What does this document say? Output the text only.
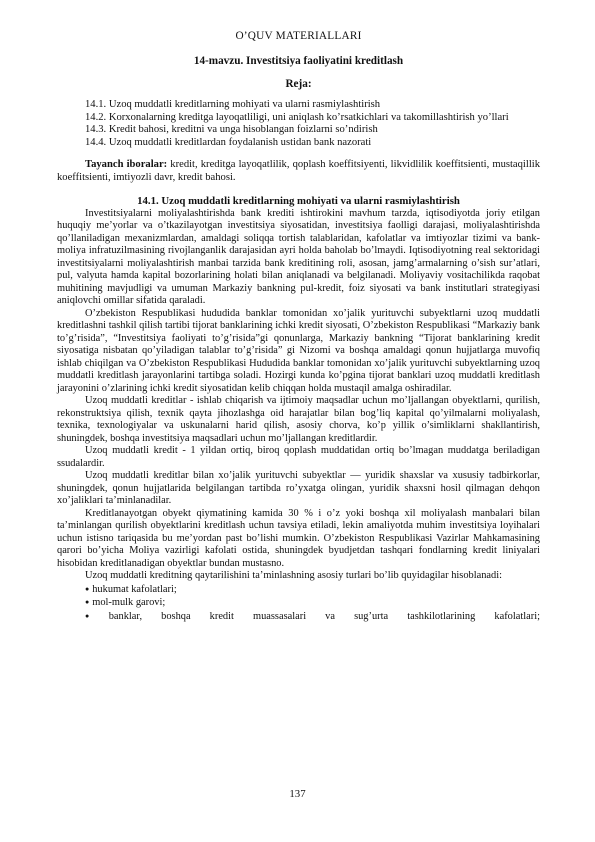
O’QUV MATERIALLARI
14-mavzu. Investitsiya faoliyatini kreditlash
Reja:

14.1. Uzoq muddatli kreditlarning mohiyati va ularni rasmiylashtirish

14.2. Korxonalarning kreditga layoqatliligi, uni aniqlash ko’rsatkichlari va takomillashtirish yo’llari

14.3. Kredit bahosi, kreditni va unga hisoblangan foizlarni so’ndirish

14.4. Uzoq muddatli kreditlardan foydalanish ustidan bank nazorati

Tayanch iboralar: kredit, kreditga layoqatlilik, qoplash koeffitsiyenti, likvidlilik koeffitsienti, mustaqillik koeffitsienti, imtiyozli davr, kredit bahosi.
14.1. Uzoq muddatli kreditlarning mohiyati va ularni rasmiylashtirish

Investitsiyalarni moliyalashtirishda bank krediti ishtirokini mavhum tarzda, iqtisodiyotda joriy etilgan huquqiy me’yorlar va o’tkazilayotgan investitsiya siyosatidan, investitsiya faolligi darajasi, moliyalashtirishda qo’llaniladigan mexanizmlardan, amaldagi soliqqa tortish talablaridan, kafolatlar va imtiyozlar tizimi va bank-moliya infratuzilmasining rivojlanganlik darajasidan ayri holda baholab bo’lmaydi. Iqtisodiyotning real sektoridagi investitsiyalarni moliyalashtirish manbai tarzida bank kreditining roli, asosan, jamg’armalarning o’sish sur’atlari, pul, valyuta hamda kapital bozorlarining holati bilan aniqlanadi va belgilanadi. Moliyaviy vositachilikda raqobat muhitining mavjudligi va umuman Markaziy bankning pul-kredit, foiz siyosati va bank institutlari strategiyasi aniqlovchi omillar sifatida qaraladi.

O’zbekiston Respublikasi hududida banklar tomonidan xo’jalik yurituvchi subyektlarni uzoq muddatli kreditlashni tashkil qilish tartibi tijorat banklarining ichki kredit siyosati, O’zbekiston Respublikasi “Markaziy bank to’g’risida”, “Investitsiya faoliyati to’g’risida”gi qonunlarga, Markaziy bankning “Tijorat banklarining kredit siyosatiga nisbatan qo’yiladigan talablar to’g’risida” gi Nizomi va boshqa amaldagi qonun hujjatlarga muvofiq ishlab chiqilgan va O’zbekiston Respublikasi Hududida banklar tomonidan xo’jalik yurituvchi subyektlarning uzoq muddatli kreditlash jarayonlarini tartibga soladi. Hozirgi kunda ko’pgina tijorat banklari uzoq muddatli kreditlash jarayonini o’zlarining ichki kredit siyosatidan kelib chiqqan holda mustaqil amalga oshiradilar.

Uzoq muddatli kreditlar - ishlab chiqarish va ijtimoiy maqsadlar uchun mo’ljallangan obyektlarni, qurilish, rekonstruktsiya qilish, texnik qayta jihozlashga oid harajatlar bilan bog’liq kapital qo’yilmalarni moliyalash, texnika, texnologiyalar va uskunalarni harid qilish, asosiy chorva, ko’p yillik o’simliklarni shakllantirish, shuningdek, boshqa investitsiya maqsadlari uchun mo’ljallangan kreditlardir.

Uzoq muddatli kredit - 1 yildan ortiq, biroq qoplash muddatidan ortiq bo’lmagan muddatga beriladigan ssudalardir.

Uzoq muddatli kreditlar bilan xo’jalik yurituvchi subyektlar — yuridik shaxslar va xususiy tadbirkorlar, shuningdek, qonun hujjatlarida belgilangan tartibda ro’yxatga olingan, yuridik shaxsni hosil qilmagan dehqon xo’jaliklari ta’minlanadilar.

Kreditlanayotgan obyekt qiymatining kamida 30 % i o’z yoki boshqa xil moliyalash manbalari bilan ta’minlangan qurilish obyektlarini kreditlash uchun tavsiya etiladi, lekin amaliyotda muhim investitsiya loyihalari uchun istisno tariqasida bu me’yordan past bo’lishi mumkin. O’zbekiston Respublikasi Vazirlar Mahkamasining qarori bo’yicha Moliya vazirligi kafolati ostida, shuningdek byudjetdan tashqari fondlarning kredit liniyalari hisobidan kreditlanadigan obyektlar bundan mustasno.

Uzoq muddatli kreditning qaytarilishini ta’minlashning asosiy turlari bo’lib quyidagilar hisoblanadi:

● hukumat kafolatlari;
● mol-mulk garovi;
● banklar, boshqa kredit muassasalari va sug’urta tashkilotlarining kafolatlari;
137
